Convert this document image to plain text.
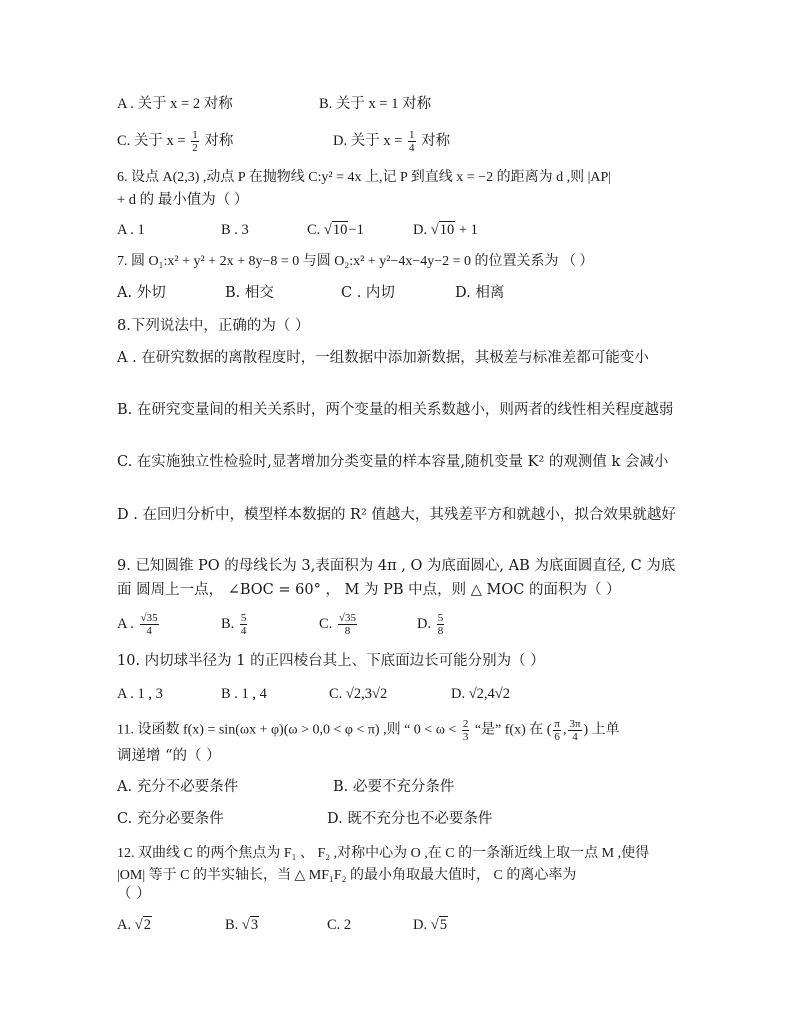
A . 关于 x = 2 对称	B. 关于 x = 1 对称
C. 关于 $x = \frac{1}{2}$ 对称	D. 关于 $x = \frac{1}{4}$ 对称
6. 设点 A(2,3) ,动点 P 在抛物线 C:y² = 4x 上,记 P 到直线 x = −2 的距离为 d ,则 |AP|
+ d 的 最小值为（ ）
A . 1	B . 3	C. √10−1	D. √10 + 1
7. 圆 O₁:x² + y² + 2x + 8y−8 = 0 与圆 O₂:x² + y²−4x−4y−2 = 0 的位置关系为 （ ）
A. 外切	B. 相交	C . 内切	D. 相离
8.下列说法中，正确的为（ ）
A . 在研究数据的离散程度时，一组数据中添加新数据，其极差与标准差都可能变小
B. 在研究变量间的相关关系时，两个变量的相关系数越小，则两者的线性相关程度越弱
C. 在实施独立性检验时,显著增加分类变量的样本容量,随机变量 K² 的观测值 k 会减小
D . 在回归分析中，模型样本数据的 R² 值越大，其残差平方和就越小，拟合效果就越好
9. 已知圆锥 PO 的母线长为 3,表面积为 4π , O 为底面圆心, AB 为底面圆直径, C 为底面 圆周上一点， ∠BOC = 60° ， M 为 PB 中点，则 △ MOC 的面积为（ ）
A . $\frac{√35}{4}$	B. $\frac{5}{4}$	C. $\frac{√35}{8}$	D. $\frac{5}{8}$
10. 内切球半径为 1 的正四棱台其上、下底面边长可能分别为（ ）
A . 1 , 3	B . 1 , 4	C. √2,3√2	D. √2,4√2
11. 设函数 f(x) = sin(ωx + φ)(ω > 0,0 < φ < π) ,则 “ $0 < \omega < \frac{2}{3}$ “是” f(x) 在 ( $\frac{\pi}{6}$ , $\frac{3\pi}{4}$ ) 上单
调递增 “的（ ）
A. 充分不必要条件	B. 必要不充分条件
C. 充分必要条件	D. 既不充分也不必要条件
12. 双曲线 C 的两个焦点为 F₁ 、 F₂ ,对称中心为 O ,在 C 的一条渐近线上取一点 M ,使得
|OM| 等于 C 的半实轴长，当 △ MF₁F₂ 的最小角取最大值时， C 的离心率为
（ ）
A. √2	B. √3	C. 2	D. √5
